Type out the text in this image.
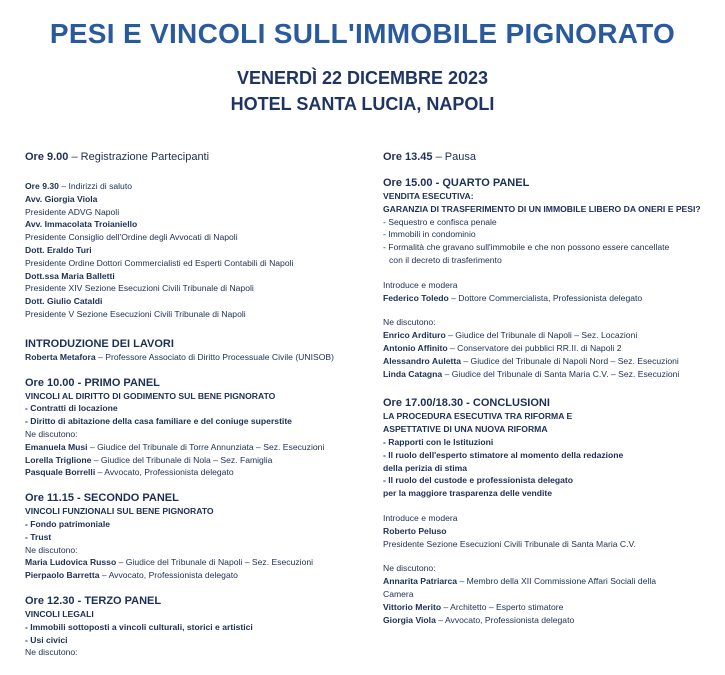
PESI E VINCOLI SULL'IMMOBILE PIGNORATO
VENERDÌ 22 DICEMBRE 2023
HOTEL SANTA LUCIA, NAPOLI
Ore 9.00 – Registrazione Partecipanti
Ore 9.30 – Indirizzi di saluto
Avv. Giorgia Viola
Presidente ADVG Napoli
Avv. Immacolata Troianiello
Presidente Consiglio dell'Ordine degli Avvocati di Napoli
Dott. Eraldo Turi
Presidente Ordine Dottori Commercialisti ed Esperti Contabili di Napoli
Dott.ssa Maria Balletti
Presidente XIV Sezione Esecuzioni Civili Tribunale di Napoli
Dott. Giulio Cataldi
Presidente V Sezione Esecuzioni Civili Tribunale di Napoli
INTRODUZIONE DEI LAVORI
Roberta Metafora – Professore Associato di Diritto Processuale Civile (UNISOB)
Ore 10.00 - PRIMO PANEL
VINCOLI AL DIRITTO DI GODIMENTO SUL BENE PIGNORATO
- Contratti di locazione
- Diritto di abitazione della casa familiare e del coniuge superstite
Ne discutono:
Emanuela Musi – Giudice del Tribunale di Torre Annunziata – Sez. Esecuzioni
Lorella Triglione – Giudice del Tribunale di Nola – Sez. Famiglia
Pasquale Borrelli – Avvocato, Professionista delegato
Ore 11.15 - SECONDO PANEL
VINCOLI FUNZIONALI SUL BENE PIGNORATO
- Fondo patrimoniale
- Trust
Ne discutono:
Maria Ludovica Russo – Giudice del Tribunale di Napoli – Sez. Esecuzioni
Pierpaolo Barretta – Avvocato, Professionista delegato
Ore 12.30 - TERZO PANEL
VINCOLI LEGALI
- Immobili sottoposti a vincoli culturali, storici e artistici
- Usi civici
Ne discutono:
Ore 13.45 – Pausa
Ore 15.00 - QUARTO PANEL
VENDITA ESECUTIVA:
GARANZIA DI TRASFERIMENTO DI UN IMMOBILE LIBERO DA ONERI E PESI?
- Sequestro e confisca penale
- Immobili in condominio
- Formalità che gravano sull'immobile e che non possono essere cancellate
con il decreto di trasferimento
Introduce e modera
Federico Toledo – Dottore Commercialista, Professionista delegato
Ne discutono:
Enrico Arditurо – Giudice del Tribunale di Napoli – Sez. Locazioni
Antonio Affinito – Conservatore dei pubblici RR.II. di Napoli 2
Alessandro Auletta – Giudice del Tribunale di Napoli Nord – Sez. Esecuzioni
Linda Catagna – Giudice del Tribunale di Santa Maria C.V. – Sez. Esecuzioni
Ore 17.00/18.30 - CONCLUSIONI
LA PROCEDURA ESECUTIVA TRA RIFORMA E
ASPETTATIVE DI UNA NUOVA RIFORMA
- Rapporti con le Istituzioni
- Il ruolo dell'esperto stimatore al momento della redazione
della perizia di stima
- Il ruolo del custode e professionista delegato
per la maggiore trasparenza delle vendite
Introduce e modera
Roberto Peluso
Presidente Sezione Esecuzioni Civili Tribunale di Santa Maria C.V.
Ne discutono:
Annarita Patriarca – Membro della XII Commissione Affari Sociali della
Camera
Vittorio Merito – Architetto – Esperto stimatore
Giorgia Viola – Avvocato, Professionista delegato
